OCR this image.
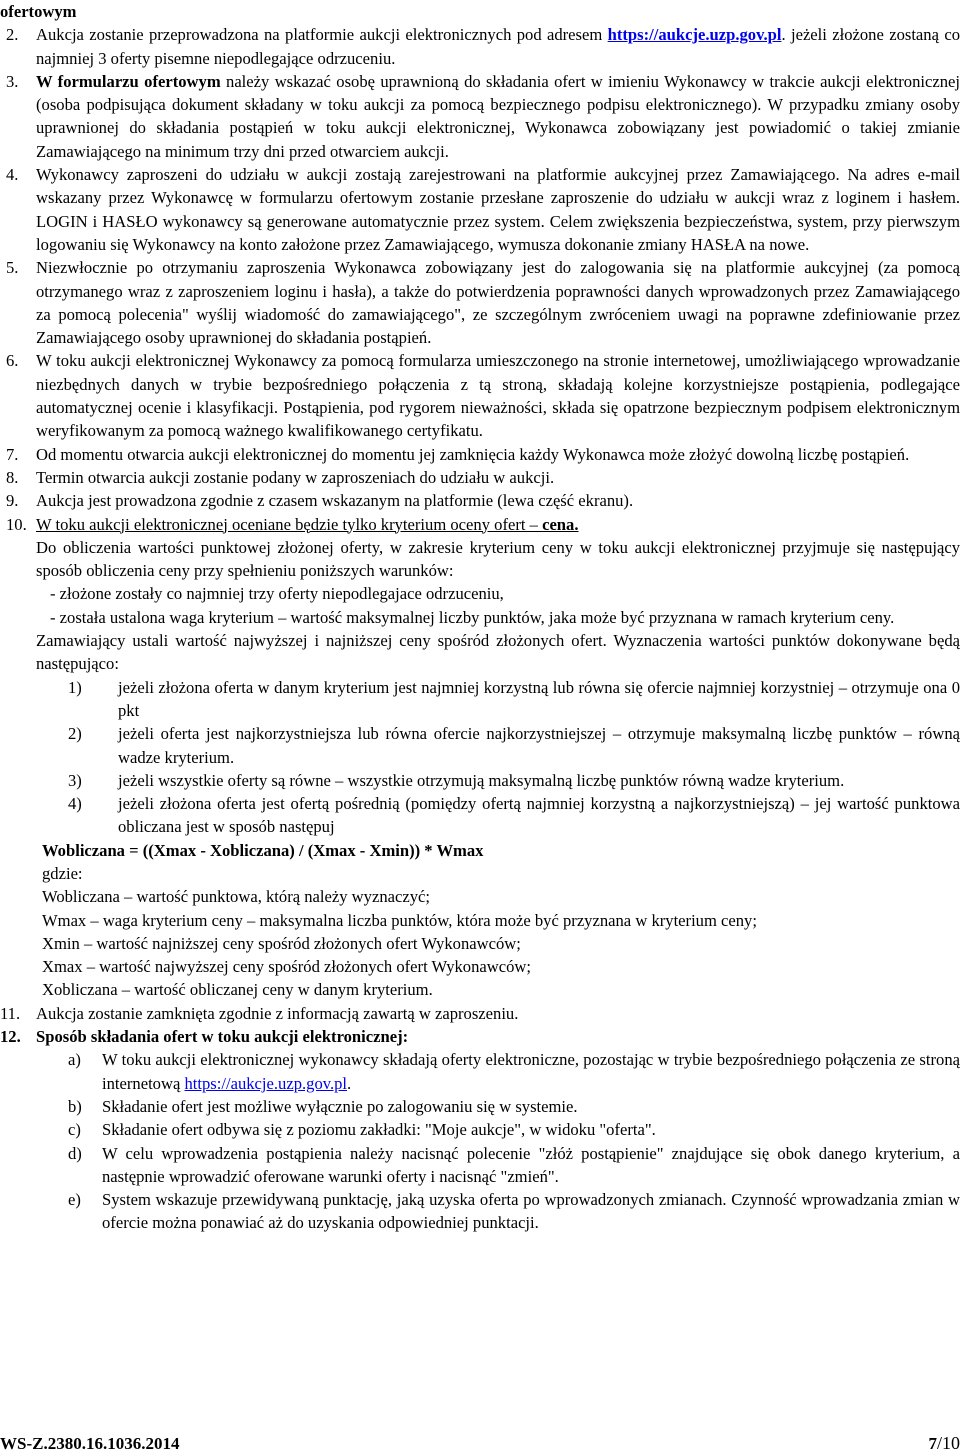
ofertowym

2.	Aukcja zostanie przeprowadzona na platformie aukcji elektronicznych pod adresem https://aukcje.uzp.gov.pl. jeżeli złożone zostaną co najmniej 3 oferty pisemne niepodlegające odrzuceniu.

3.	W formularzu ofertowym należy wskazać osobę uprawnioną do składania ofert w imieniu Wykonawcy w trakcie aukcji elektronicznej (osoba podpisująca dokument składany w toku aukcji za pomocą bezpiecznego podpisu elektronicznego). W przypadku zmiany osoby uprawnionej do składania postąpień w toku aukcji elektronicznej, Wykonawca zobowiązany jest powiadomić o takiej zmianie Zamawiającego na minimum trzy dni przed otwarciem aukcji.

4.	Wykonawcy zaproszeni do udziału w aukcji zostają zarejestrowani na platformie aukcyjnej przez Zamawiającego. Na adres e-mail wskazany przez Wykonawcę w formularzu ofertowym zostanie przesłane zaproszenie do udziału w aukcji wraz z loginem i hasłem. LOGIN i HASŁO wykonawcy są generowane automatycznie przez system. Celem zwiększenia bezpieczeństwa, system, przy pierwszym logowaniu się Wykonawcy na konto założone przez Zamawiającego, wymusza dokonanie zmiany HASŁA na nowe.

5.	Niezwłocznie po otrzymaniu zaproszenia Wykonawca zobowiązany jest do zalogowania się na platformie aukcyjnej (za pomocą otrzymanego wraz z zaproszeniem loginu i hasła), a także do potwierdzenia poprawności danych wprowadzonych przez Zamawiającego za pomocą polecenia" wyślij wiadomość do zamawiającego", ze szczególnym zwróceniem uwagi na poprawne zdefiniowanie przez Zamawiającego osoby uprawnionej do składania postąpień.

6.	W toku aukcji elektronicznej Wykonawcy za pomocą formularza umieszczonego na stronie internetowej, umożliwiającego wprowadzanie niezbędnych danych w trybie bezpośredniego połączenia z tą stroną, składają kolejne korzystniejsze postąpienia, podlegające automatycznej ocenie i klasyfikacji. Postąpienia, pod rygorem nieważności, składa się opatrzone bezpiecznym podpisem elektronicznym weryfikowanym za pomocą ważnego kwalifikowanego certyfikatu.

7.	Od momentu otwarcia aukcji elektronicznej do momentu jej zamknięcia każdy Wykonawca może złożyć dowolną liczbę postąpień.

8.	Termin otwarcia aukcji zostanie podany w zaproszeniach do udziału w aukcji.

9.	Aukcja jest prowadzona zgodnie z czasem wskazanym na platformie (lewa część ekranu).

10. W toku aukcji elektronicznej oceniane będzie tylko kryterium oceny ofert – cena.

Do obliczenia wartości punktowej złożonej oferty, w zakresie kryterium ceny w toku aukcji elektronicznej przyjmuje się następujący sposób obliczenia ceny przy spełnieniu poniższych warunków:

- złożone zostały co najmniej trzy oferty niepodlegajace odrzuceniu,

- została ustalona waga kryterium – wartość maksymalnej liczby punktów, jaka może być przyznana w ramach kryterium ceny.

Zamawiający ustali wartość najwyższej i najniższej ceny spośród złożonych ofert. Wyznaczenia wartości punktów dokonywane będą następująco:

1)	jeżeli złożona oferta w danym kryterium jest najmniej korzystną lub równa się ofercie najmniej korzystniej – otrzymuje ona 0 pkt

2)	jeżeli oferta jest najkorzystniejsza lub równa ofercie najkorzystniejszej – otrzymuje maksymalną liczbę punktów – równą wadze kryterium.

3)	jeżeli wszystkie oferty są równe – wszystkie otrzymują maksymalną liczbę punktów równą wadze kryterium.

4)	jeżeli złożona oferta jest ofertą pośrednią (pomiędzy ofertą najmniej korzystną a najkorzystniejszą) – jej wartość punktowa obliczana jest w sposób następuj

Wobliczana = ((Xmax - Xobliczana) / (Xmax - Xmin)) * Wmax

gdzie:

Wobliczana – wartość punktowa, którą należy wyznaczyć;

Wmax – waga kryterium ceny – maksymalna liczba punktów, która może być przyznana w kryterium ceny;

Xmin – wartość najniższej ceny spośród złożonych ofert Wykonawców;

Xmax – wartość najwyższej ceny spośród złożonych ofert Wykonawców;

Xobliczana – wartość obliczanej ceny w danym kryterium.

11. Aukcja zostanie zamknięta zgodnie z informacją zawartą w zaproszeniu.

12. Sposób składania ofert w toku aukcji elektronicznej:

a)	W toku aukcji elektronicznej wykonawcy składają oferty elektroniczne, pozostając w trybie bezpośredniego połączenia ze stroną internetową https://aukcje.uzp.gov.pl.

b)	Składanie ofert jest możliwe wyłącznie po zalogowaniu się w systemie.

c)	Składanie ofert odbywa się z poziomu zakładki: "Moje aukcje", w widoku "oferta".

d)	W celu wprowadzenia postąpienia należy nacisnąć polecenie "złóż postąpienie" znajdujące się obok danego kryterium, a następnie wprowadzić oferowane warunki oferty i nacisnąć "zmień".

e)	System wskazuje przewidywaną punktację, jaką uzyska oferta po wprowadzonych zmianach. Czynność wprowadzania zmian w ofercie można ponawiać aż do uzyskania odpowiedniej punktacji.

WS-Z.2380.16.1036.2014	7/10
